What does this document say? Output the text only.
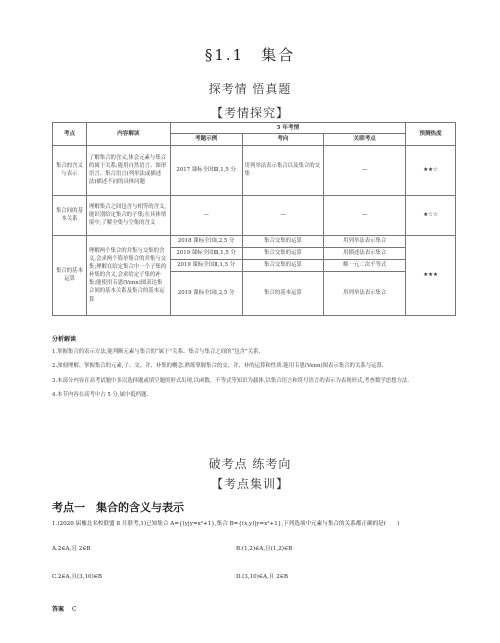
§1.1　集合
探考情 悟真题
【考情探究】
考点	内容解读	5 年考情			预测热度
		考题示例	考向	关联考点	
集合的含义与表示	了解集合的含义,体会元素与集合的属于关系;能用自然语言、图形语言、集合语言(列举法或描述法)描述不同的具体问题	2017 课标全国Ⅲ,1,5 分	用列举法表示集合以及集合的交集	—	★★☆
集合间的基本关系	理解集合之间包含与相等的含义,能识别给定集合的子集;在具体情境中,了解全集与空集的含义	—	—	—	★☆☆
集合的基本运算	理解两个集合的并集与交集的含义,会求两个简单集合的并集与交集;理解在给定集合中一个子集的补集的含义,会求给定子集的补集;能使用韦恩(Venn)图表达集合间的基本关系及集合的基本运算	2018 课标全国Ⅰ,2,5 分	集合交集的运算	用列举法表示集合	★★★
		2019 课标全国Ⅲ,1,5 分	集合交集的运算	用描述法表示集合	
		2019 课标全国Ⅱ,1,5 分	集合交集的运算	解一元二次不等式	
		2019 课标全国Ⅰ,2,5 分	集合的基本运算	用列举法表示集合	
分析解读

1.掌握集合的表示方法,能判断元素与集合的“属于”关系、集合与集合之间的“包含”关系.

2.深刻理解、掌握集合的元素,子、交、并、补集的概念.熟练掌握集合的交、并、补的运算和性质.能用韦恩(Venn)图表示集合的关系与运算.

3.本部分内容在高考试题中多以选择题或填空题的形式出现,以函数、不等式等知识为载体,以集合语言和符号语言的表示为表现形式,考查数学思想方法.

4.本节内容在高考中占 5 分,属中低档题.

破考点 练考向
【考点集训】
考点一　集合的含义与表示
1.(2020 届豫北名校联盟 8 月联考,1)已知集合 A={(y|y=x²+1},集合 B={(x,y)|y=x²+1},下列选项中元素与集合的关系都正确的是(　　)
A.2∈A,且 2∈B	B.(1,2)∈A,且(1,2)∈B
C.2∈A,且(3,10)∈B	D.(3,10)∈A,且 2∈B
答案 C
